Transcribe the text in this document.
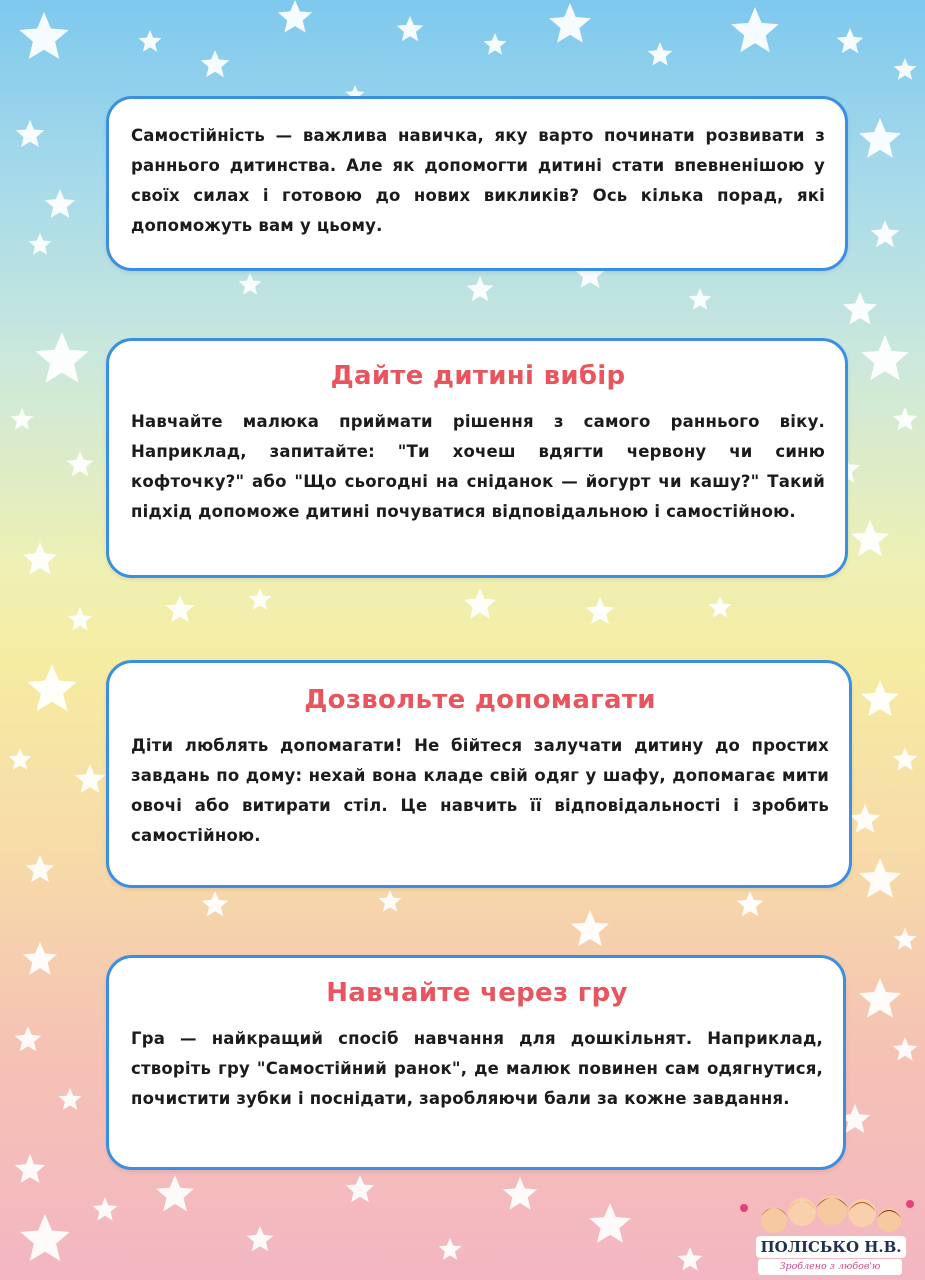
Самостійність — важлива навичка, яку варто починати розвивати з раннього дитинства. Але як допомогти дитині стати впевненішою у своїх силах і готовою до нових викликів? Ось кілька порад, які допоможуть вам у цьому.

Дайте дитині вибір

Навчайте малюка приймати рішення з самого раннього віку. Наприклад, запитайте: "Ти хочеш вдягти червону чи синю кофточку?" або "Що сьогодні на сніданок — йогурт чи кашу?" Такий підхід допоможе дитині почуватися відповідальною і самостійною.

Дозвольте допомагати

Діти люблять допомагати! Не бійтеся залучати дитину до простих завдань по дому: нехай вона кладе свій одяг у шафу, допомагає мити овочі або витирати стіл. Це навчить її відповідальності і зробить самостійною.

Навчайте через гру

Гра — найкращий спосіб навчання для дошкільнят. Наприклад, створіть гру "Самостійний ранок", де малюк повинен сам одягнутися, почистити зубки і поснідати, заробляючи бали за кожне завдання.

ПОЛІСЬКО Н.В.
Зроблено з любов'ю
